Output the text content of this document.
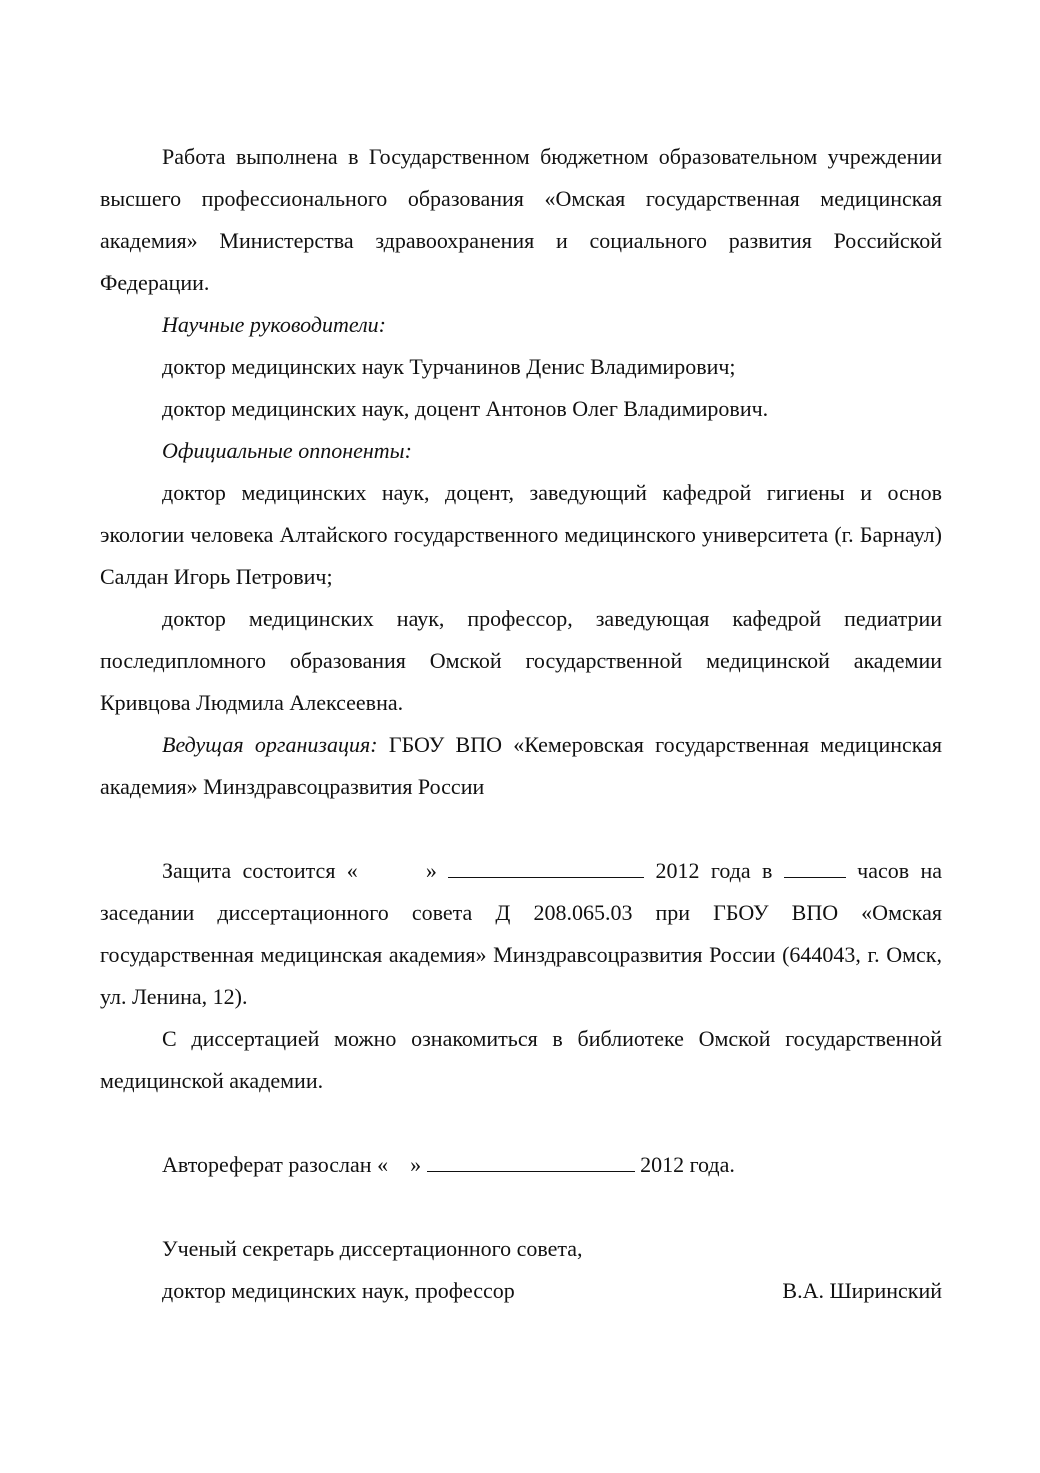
Работа выполнена в Государственном бюджетном образовательном учреждении высшего профессионального образования «Омская государственная медицинская академия» Министерства здравоохранения и социального развития Российской Федерации.

Научные руководители:

доктор медицинских наук Турчанинов Денис Владимирович;

доктор медицинских наук, доцент Антонов Олег Владимирович.

Официальные оппоненты:

доктор медицинских наук, доцент, заведующий кафедрой гигиены и основ экологии человека Алтайского государственного медицинского университета (г. Барнаул) Салдан Игорь Петрович;

доктор медицинских наук, профессор, заведующая кафедрой педиатрии последипломного образования Омской государственной медицинской академии Кривцова Людмила Алексеевна.

Ведущая организация: ГБОУ ВПО «Кемеровская государственная медицинская академия» Минздравсоцразвития России

Защита состоится «      »	2012 года в	часов на заседании диссертационного совета Д 208.065.03 при ГБОУ ВПО «Омская государственная медицинская академия» Минздравсоцразвития России (644043, г. Омск, ул. Ленина, 12).

С диссертацией можно ознакомиться в библиотеке Омской государственной медицинской академии.

Автореферат разослан «    »	2012 года.

Ученый секретарь диссертационного совета,

доктор медицинских наук, профессор	В.А. Ширинский
